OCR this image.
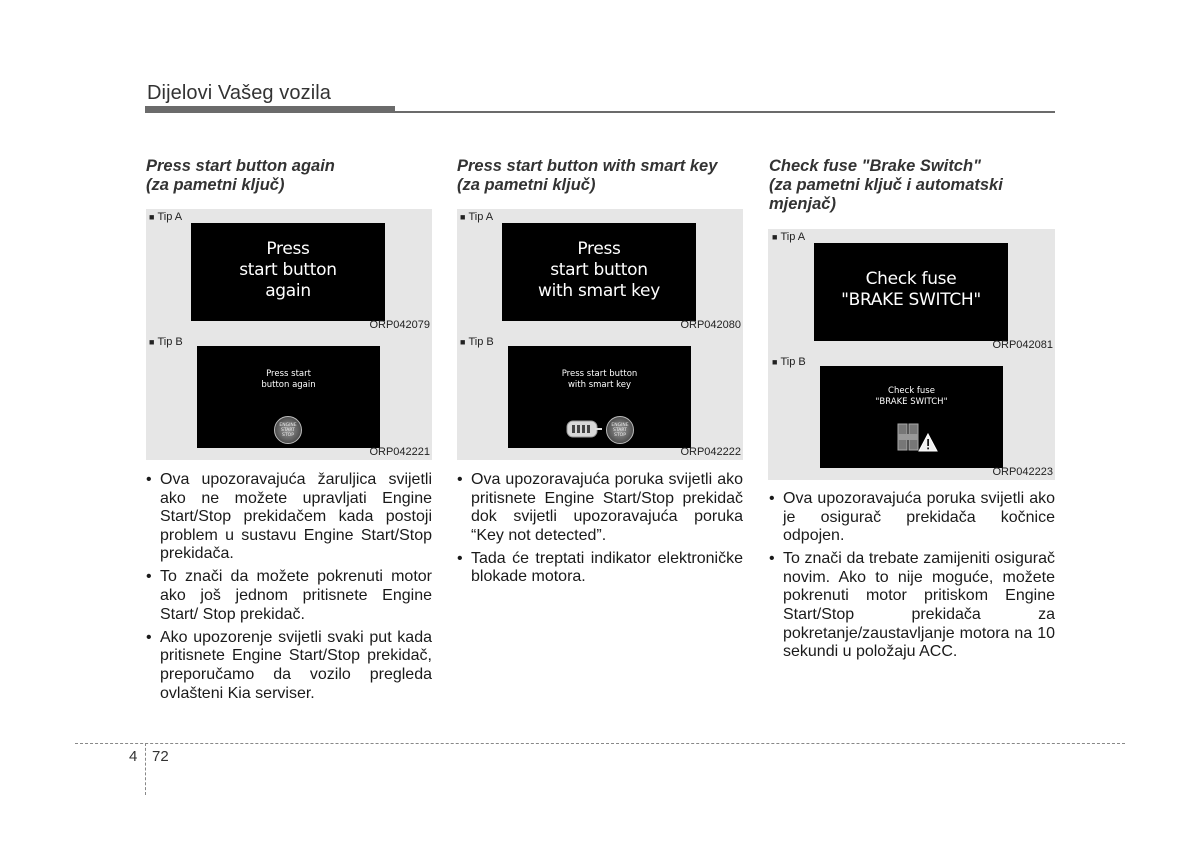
Dijelovi Vašeg vozila

Press start button again

(za pametni ključ)

■ Tip A
Press
start button
again
ORP042079
■ Tip B
Press start
button again
ENGINE
START
STOP
ORP042221
• Ova upozoravajuća žaruljica svijetli ako ne možete upravljati Engine Start/Stop prekidačem kada postoji problem u sustavu Engine Start/Stop prekidača.
• To znači da možete pokrenuti motor ako još jednom pritisnete Engine Start/ Stop prekidač.
• Ako upozorenje svijetli svaki put kada pritisnete Engine Start/Stop prekidač, preporučamo da vozilo pregleda ovlašteni Kia serviser.

Press start button with smart key

(za pametni ključ)

■ Tip A
Press
start button
with smart key
ORP042080
■ Tip B
Press start button
with smart key
ENGINE
START
STOP
ORP042222
• Ova upozoravajuća poruka svijetli ako pritisnete Engine Start/Stop prekidač dok svijetli upozoravajuća poruka “Key not detected”.
• Tada će treptati indikator elektroničke blokade motora.

Check fuse "Brake Switch"

(za pametni ključ i automatski

mjenjač)

■ Tip A
Check fuse
"BRAKE SWITCH"
ORP042081
■ Tip B
Check fuse
"BRAKE SWITCH"
ORP042223
• Ova upozoravajuća poruka svijetli ako je osigurač prekidača kočnice odpojen.
• To znači da trebate zamijeniti osigurač novim. Ako to nije moguće, možete pokrenuti motor pritiskom Engine Start/Stop prekidača za pokretanje/zaustavljanje motora na 10 sekundi u položaju ACC.
4 72
